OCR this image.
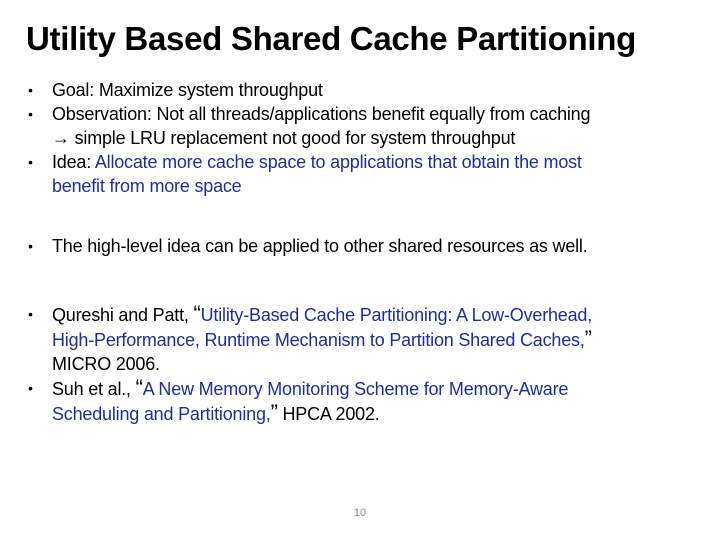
Utility Based Shared Cache Partitioning
• Goal: Maximize system throughput
• Observation: Not all threads/applications benefit equally from caching
→ simple LRU replacement not good for system throughput
• Idea: Allocate more cache space to applications that obtain the most
benefit from more space
• The high-level idea can be applied to other shared resources as well.
• Qureshi and Patt, “Utility-Based Cache Partitioning: A Low-Overhead,
High-Performance, Runtime Mechanism to Partition Shared Caches,”
MICRO 2006.
• Suh et al., “A New Memory Monitoring Scheme for Memory-Aware
Scheduling and Partitioning,” HPCA 2002.
10
